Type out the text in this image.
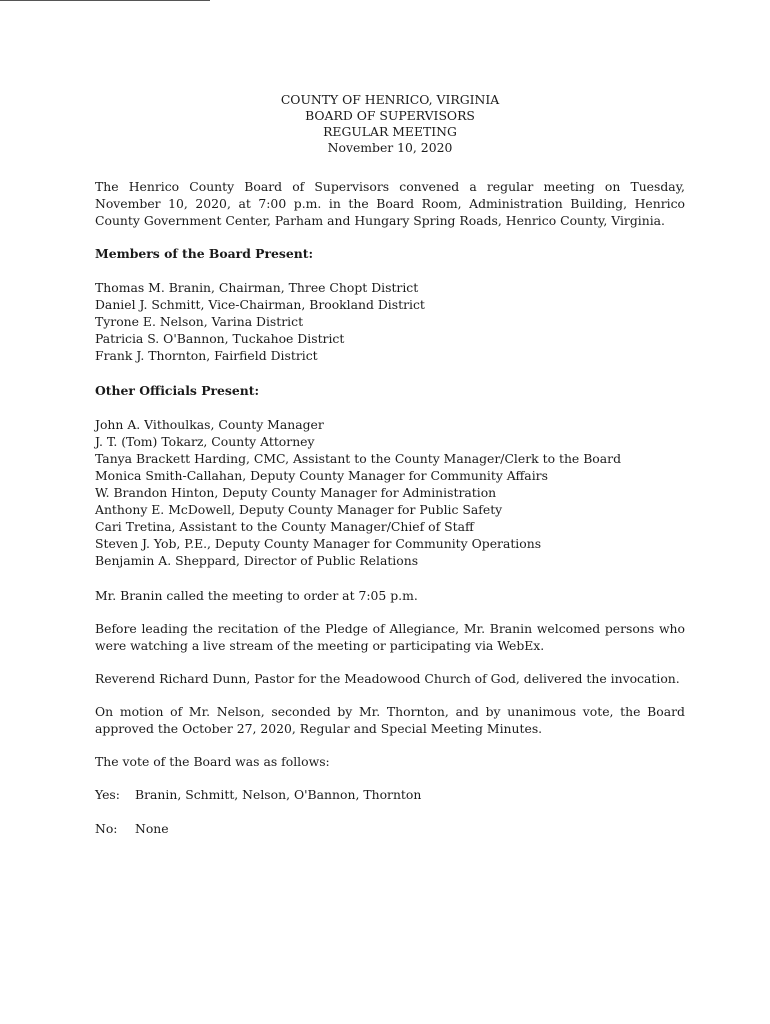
COUNTY OF HENRICO, VIRGINIA
BOARD OF SUPERVISORS
REGULAR MEETING
November 10, 2020

The Henrico County Board of Supervisors convened a regular meeting on Tuesday, November 10, 2020, at 7:00 p.m. in the Board Room, Administration Building, Henrico County Government Center, Parham and Hungary Spring Roads, Henrico County, Virginia.

Members of the Board Present:
Thomas M. Branin, Chairman, Three Chopt District
Daniel J. Schmitt, Vice-Chairman, Brookland District
Tyrone E. Nelson, Varina District
Patricia S. O'Bannon, Tuckahoe District
Frank J. Thornton, Fairfield District
Other Officials Present:
John A. Vithoulkas, County Manager
J. T. (Tom) Tokarz, County Attorney
Tanya Brackett Harding, CMC, Assistant to the County Manager/Clerk to the Board
Monica Smith-Callahan, Deputy County Manager for Community Affairs
W. Brandon Hinton, Deputy County Manager for Administration
Anthony E. McDowell, Deputy County Manager for Public Safety
Cari Tretina, Assistant to the County Manager/Chief of Staff
Steven J. Yob, P.E., Deputy County Manager for Community Operations
Benjamin A. Sheppard, Director of Public Relations

Mr. Branin called the meeting to order at 7:05 p.m.

Before leading the recitation of the Pledge of Allegiance, Mr. Branin welcomed persons who were watching a live stream of the meeting or participating via WebEx.

Reverend Richard Dunn, Pastor for the Meadowood Church of God, delivered the invocation.

On motion of Mr. Nelson, seconded by Mr. Thornton, and by unanimous vote, the Board approved the October 27, 2020, Regular and Special Meeting Minutes.

The vote of the Board was as follows:

Yes:	Branin, Schmitt, Nelson, O'Bannon, Thornton
No:	None
